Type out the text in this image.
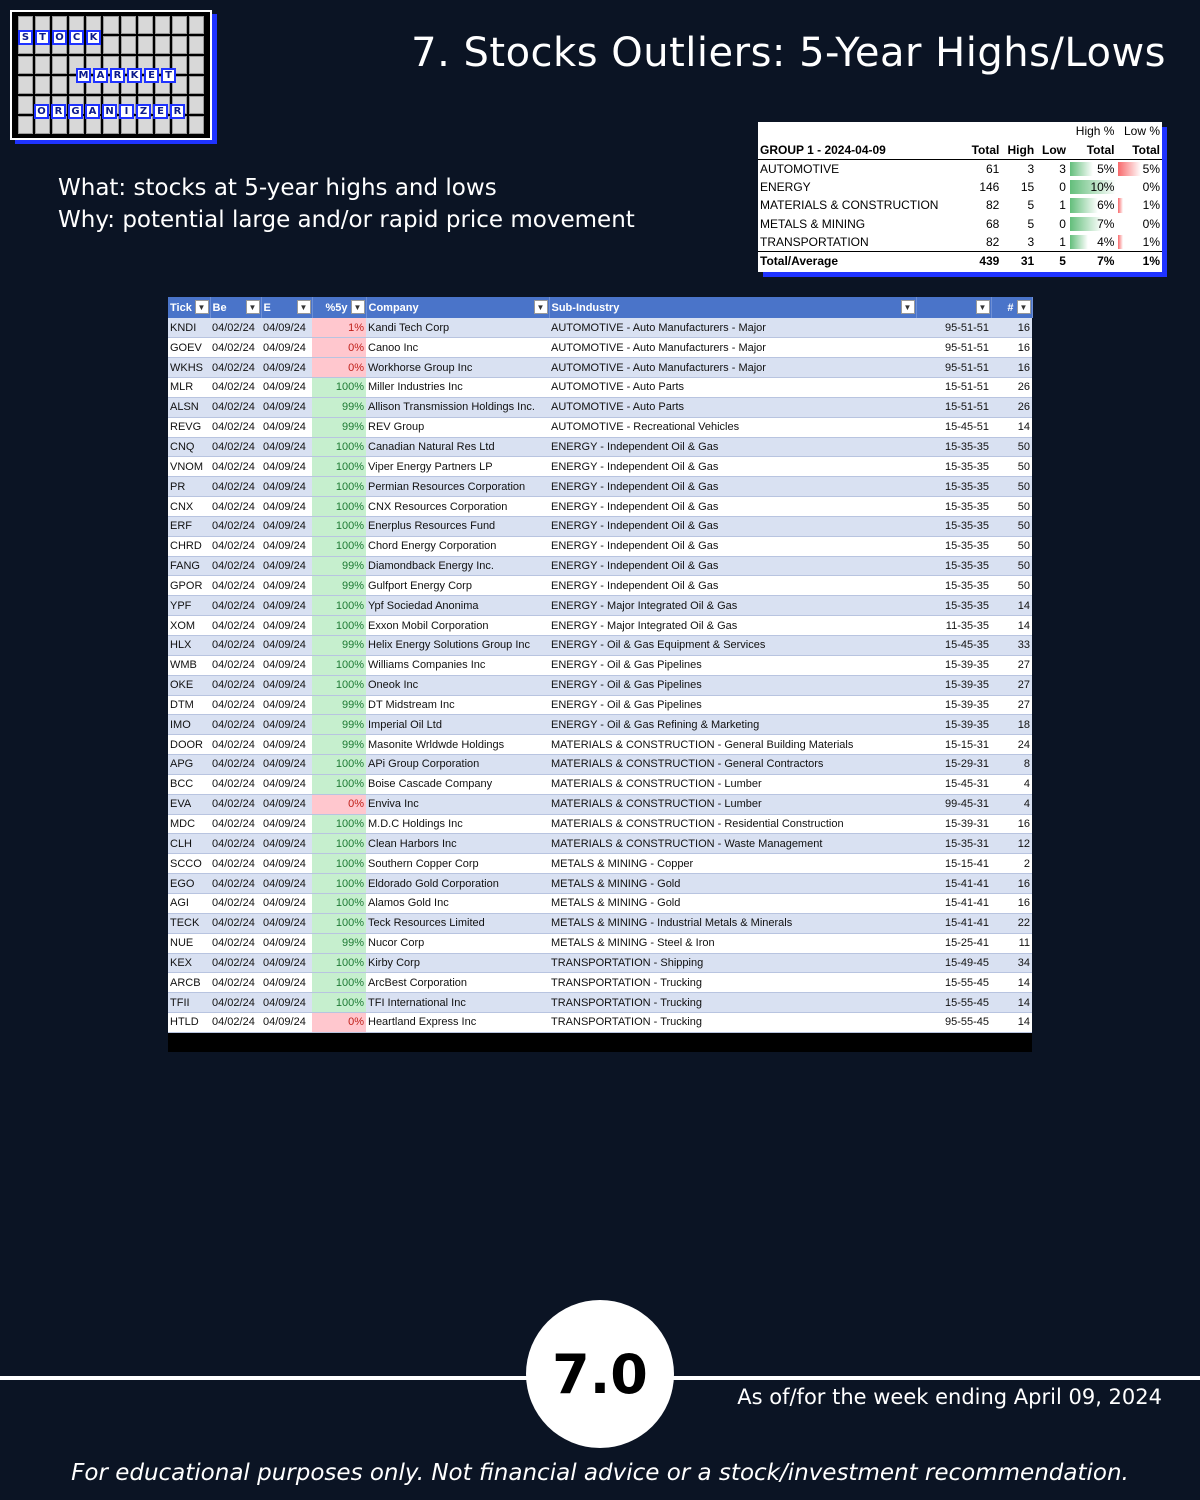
S T O C K
M A R K E	T
O R G A N	I	Z E R
7. Stocks Outliers: 5-Year Highs/Lows
What: stocks at 5-year highs and lows
Why: potential large and/or rapid price movement
				High %	Low %
GROUP 1 - 2024-04-09	Total	High	Low	Total	Total
AUTOMOTIVE	61	3	3	5%	5%
ENERGY	146	15	0	10%	0%
MATERIALS & CONSTRUCTION	82	5	1	6%	1%
METALS & MINING	68	5	0	7%	0%
TRANSPORTATION	82	3	1	4%	1%
Total/Average	439	31	5	7%	1%
Tick ▼	Be ▼	E ▼	%5y ▼	Company ▼	Sub-Industry ▼	▼	# ▼

KNDI	04/02/24	04/09/24	1%	Kandi Tech Corp	AUTOMOTIVE - Auto Manufacturers - Major	95-51-51	16
GOEV	04/02/24	04/09/24	0%	Canoo Inc	AUTOMOTIVE - Auto Manufacturers - Major	95-51-51	16
WKHS	04/02/24	04/09/24	0%	Workhorse Group Inc	AUTOMOTIVE - Auto Manufacturers - Major	95-51-51	16
MLR	04/02/24	04/09/24	100%	Miller Industries Inc	AUTOMOTIVE - Auto Parts	15-51-51	26
ALSN	04/02/24	04/09/24	99%	Allison Transmission Holdings Inc.	AUTOMOTIVE - Auto Parts	15-51-51	26
REVG	04/02/24	04/09/24	99%	REV Group	AUTOMOTIVE - Recreational Vehicles	15-45-51	14
CNQ	04/02/24	04/09/24	100%	Canadian Natural Res Ltd	ENERGY - Independent Oil & Gas	15-35-35	50
VNOM	04/02/24	04/09/24	100%	Viper Energy Partners LP	ENERGY - Independent Oil & Gas	15-35-35	50
PR	04/02/24	04/09/24	100%	Permian Resources Corporation	ENERGY - Independent Oil & Gas	15-35-35	50
CNX	04/02/24	04/09/24	100%	CNX Resources Corporation	ENERGY - Independent Oil & Gas	15-35-35	50
ERF	04/02/24	04/09/24	100%	Enerplus Resources Fund	ENERGY - Independent Oil & Gas	15-35-35	50
CHRD	04/02/24	04/09/24	100%	Chord Energy Corporation	ENERGY - Independent Oil & Gas	15-35-35	50
FANG	04/02/24	04/09/24	99%	Diamondback Energy Inc.	ENERGY - Independent Oil & Gas	15-35-35	50
GPOR	04/02/24	04/09/24	99%	Gulfport Energy Corp	ENERGY - Independent Oil & Gas	15-35-35	50
YPF	04/02/24	04/09/24	100%	Ypf Sociedad Anonima	ENERGY - Major Integrated Oil & Gas	15-35-35	14
XOM	04/02/24	04/09/24	100%	Exxon Mobil Corporation	ENERGY - Major Integrated Oil & Gas	11-35-35	14
HLX	04/02/24	04/09/24	99%	Helix Energy Solutions Group Inc	ENERGY - Oil & Gas Equipment & Services	15-45-35	33
WMB	04/02/24	04/09/24	100%	Williams Companies Inc	ENERGY - Oil & Gas Pipelines	15-39-35	27
OKE	04/02/24	04/09/24	100%	Oneok Inc	ENERGY - Oil & Gas Pipelines	15-39-35	27
DTM	04/02/24	04/09/24	99%	DT Midstream Inc	ENERGY - Oil & Gas Pipelines	15-39-35	27
IMO	04/02/24	04/09/24	99%	Imperial Oil Ltd	ENERGY - Oil & Gas Refining & Marketing	15-39-35	18
DOOR	04/02/24	04/09/24	99%	Masonite Wrldwde Holdings	MATERIALS & CONSTRUCTION - General Building Materials	15-15-31	24
APG	04/02/24	04/09/24	100%	APi Group Corporation	MATERIALS & CONSTRUCTION - General Contractors	15-29-31	8
BCC	04/02/24	04/09/24	100%	Boise Cascade Company	MATERIALS & CONSTRUCTION - Lumber	15-45-31	4
EVA	04/02/24	04/09/24	0%	Enviva Inc	MATERIALS & CONSTRUCTION - Lumber	99-45-31	4
MDC	04/02/24	04/09/24	100%	M.D.C Holdings Inc	MATERIALS & CONSTRUCTION - Residential Construction	15-39-31	16
CLH	04/02/24	04/09/24	100%	Clean Harbors Inc	MATERIALS & CONSTRUCTION - Waste Management	15-35-31	12
SCCO	04/02/24	04/09/24	100%	Southern Copper Corp	METALS & MINING - Copper	15-15-41	2
EGO	04/02/24	04/09/24	100%	Eldorado Gold Corporation	METALS & MINING - Gold	15-41-41	16
AGI	04/02/24	04/09/24	100%	Alamos Gold Inc	METALS & MINING - Gold	15-41-41	16
TECK	04/02/24	04/09/24	100%	Teck Resources Limited	METALS & MINING - Industrial Metals & Minerals	15-41-41	22
NUE	04/02/24	04/09/24	99%	Nucor Corp	METALS & MINING - Steel & Iron	15-25-41	11
KEX	04/02/24	04/09/24	100%	Kirby Corp	TRANSPORTATION - Shipping	15-49-45	34
ARCB	04/02/24	04/09/24	100%	ArcBest Corporation	TRANSPORTATION - Trucking	15-55-45	14
TFII	04/02/24	04/09/24	100%	TFI International Inc	TRANSPORTATION - Trucking	15-55-45	14
HTLD	04/02/24	04/09/24	0%	Heartland Express Inc	TRANSPORTATION - Trucking	95-55-45	14

7.0	As of/for the week ending April 09, 2024
For educational purposes only. Not financial advice or a stock/investment recommendation.
